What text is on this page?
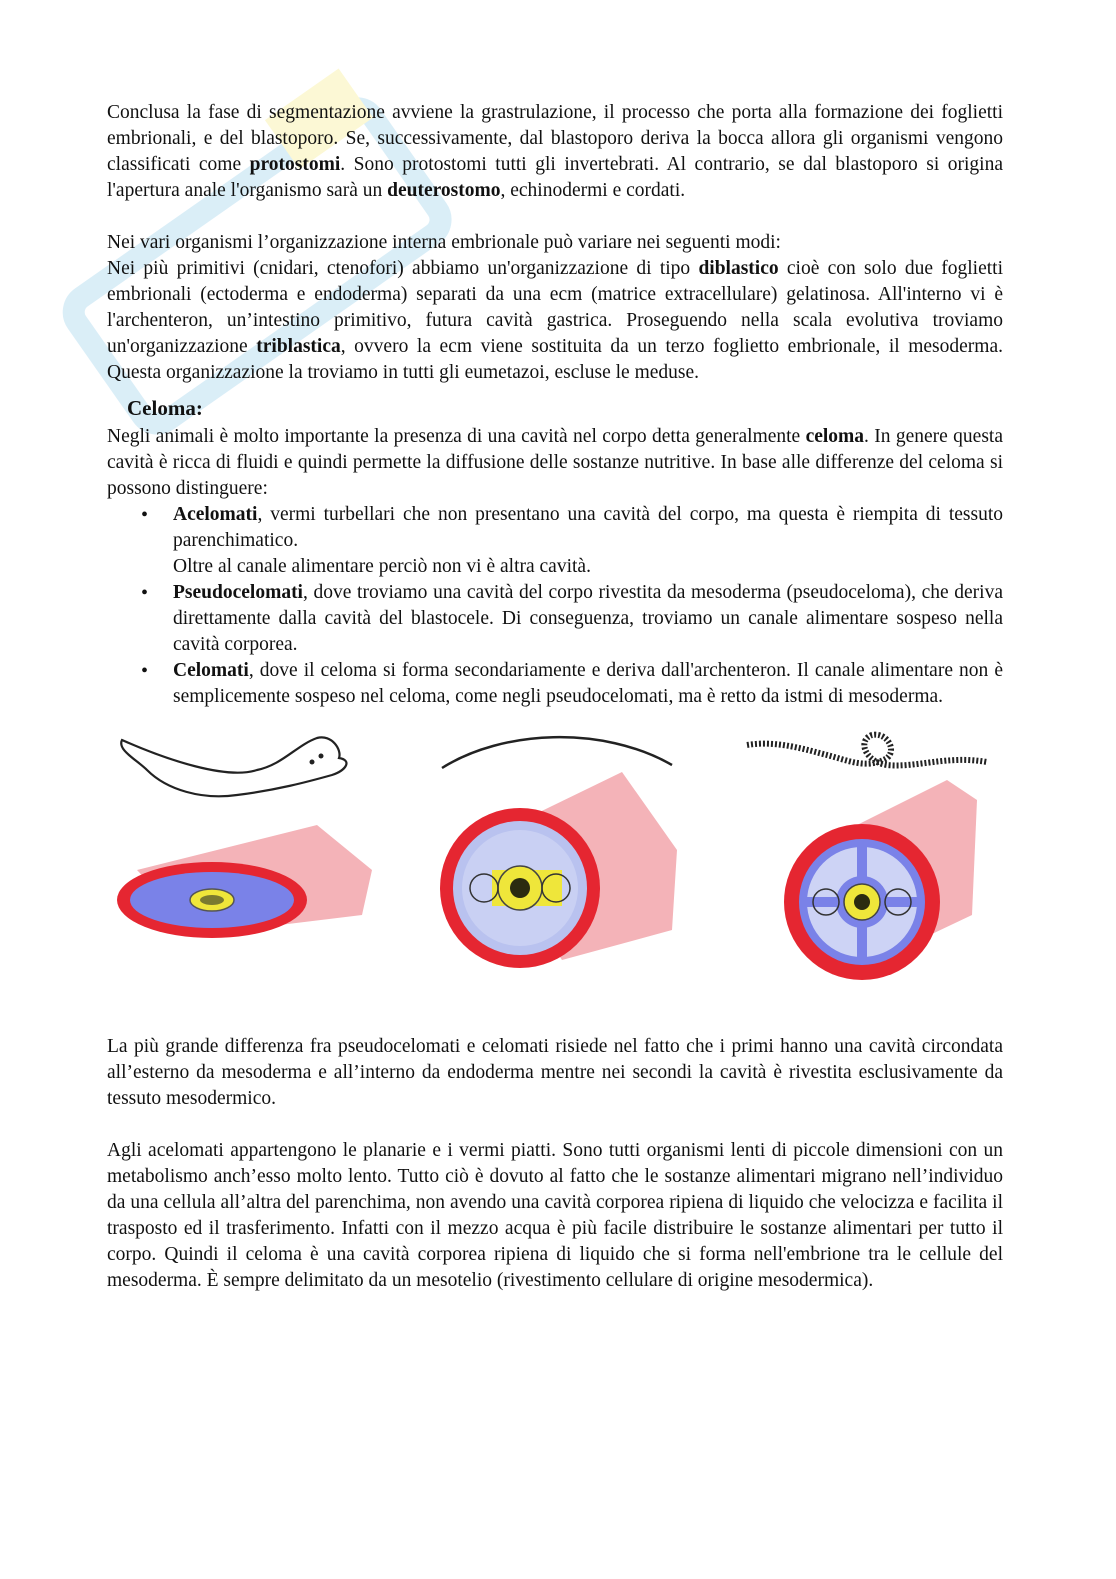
Conclusa la fase di segmentazione avviene la grastrulazione, il processo che porta alla formazione dei foglietti embrionali, e del blastoporo. Se, successivamente, dal blastoporo deriva la bocca allora gli organismi vengono classificati come protostomi. Sono protostomi tutti gli invertebrati. Al contrario, se dal blastoporo si origina l'apertura anale l'organismo sarà un deuterostomo, echinodermi e cordati.

Nei vari organismi l’organizzazione interna embrionale può variare nei seguenti modi:

Nei più primitivi (cnidari, ctenofori) abbiamo un'organizzazione di tipo diblastico cioè con solo due foglietti embrionali (ectoderma e endoderma) separati da una ecm (matrice extracellulare) gelatinosa. All'interno vi è l'archenteron, un’intestino primitivo, futura cavità gastrica. Proseguendo nella scala evolutiva troviamo un'organizzazione triblastica, ovvero la ecm viene sostituita da un terzo foglietto embrionale, il mesoderma. Questa organizzazione la troviamo in tutti gli eumetazoi, escluse le meduse.

Celoma:

Negli animali è molto importante la presenza di una cavità nel corpo detta generalmente celoma. In genere questa cavità è ricca di fluidi e quindi permette la diffusione delle sostanze nutritive. In base alle differenze del celoma si possono distinguere:

• Acelomati, vermi turbellari che non presentano una cavità del corpo, ma questa è riempita di tessuto parenchimatico.
Oltre al canale alimentare perciò non vi è altra cavità.
• Pseudocelomati, dove troviamo una cavità del corpo rivestita da mesoderma (pseudoceloma), che deriva direttamente dalla cavità del blastocele. Di conseguenza, troviamo un canale alimentare sospeso nella cavità corporea.
• Celomati, dove il celoma si forma secondariamente e deriva dall'archenteron. Il canale alimentare non è semplicemente sospeso nel celoma, come negli pseudocelomati, ma è retto da istmi di mesoderma.

La più grande differenza fra pseudocelomati e celomati risiede nel fatto che i primi hanno una cavità circondata all’esterno da mesoderma e all’interno da endoderma mentre nei secondi la cavità è rivestita esclusivamente da tessuto mesodermico.

Agli acelomati appartengono le planarie e i vermi piatti. Sono tutti organismi lenti di piccole dimensioni con un metabolismo anch’esso molto lento. Tutto ciò è dovuto al fatto che le sostanze alimentari migrano nell’individuo da una cellula all’altra del parenchima, non avendo una cavità corporea ripiena di liquido che velocizza e facilita il trasposto ed il trasferimento. Infatti con il mezzo acqua è più facile distribuire le sostanze alimentari per tutto il corpo. Quindi il celoma è una cavità corporea ripiena di liquido che si forma nell'embrione tra le cellule del mesoderma. È sempre delimitato da un mesotelio (rivestimento cellulare di origine mesodermica).
